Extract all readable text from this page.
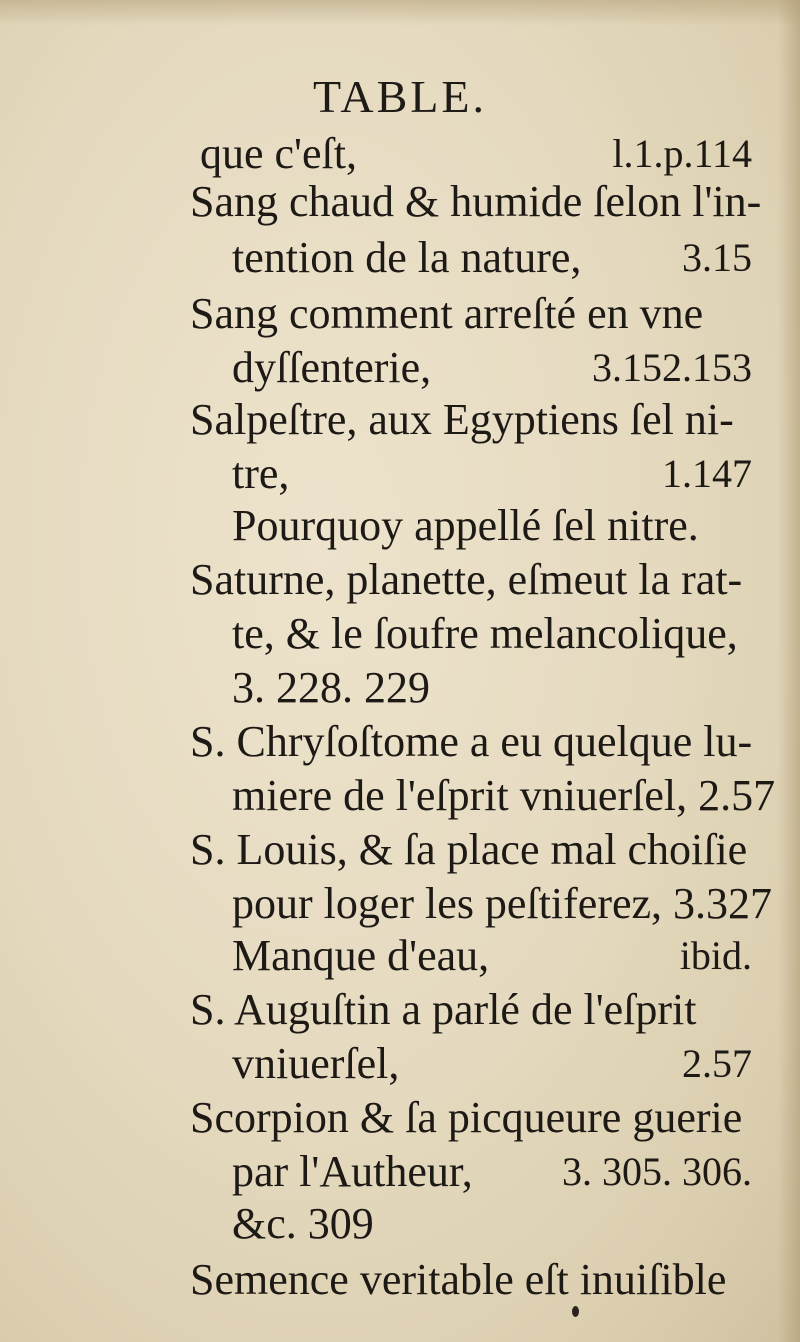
TABLE.
que c'eſt,	l.1.p.114
Sang chaud & humide ſelon l'in-
tention de la nature,	3.15
Sang comment arreſté en vne
dyſſenterie,	3.152.153
Salpeſtre, aux Egyptiens ſel ni-
tre,	1.147
Pourquoy appellé ſel nitre.
Saturne, planette, eſmeut la rat-
te, & le ſoufre melancolique,
3. 228. 229
S. Chryſoſtome a eu quelque lu-
miere de l'eſprit vniuerſel, 2.57
S. Louis, & ſa place mal choiſie
pour loger les peſtiferez, 3.327
Manque d'eau,	ibid.
S. Auguſtin a parlé de l'eſprit
vniuerſel,	2.57
Scorpion & ſa picqueure guerie
par l'Autheur, 3. 305. 306.
&c. 309
Semence veritable eſt inuiſible
